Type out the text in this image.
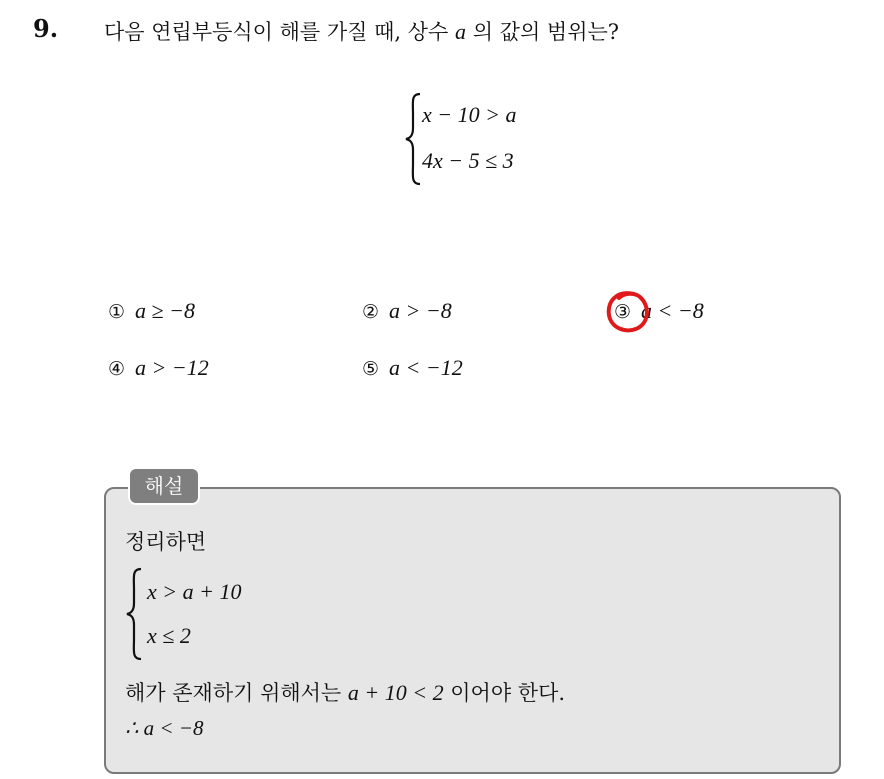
9. 다음 연립부등식이 해를 가질 때, 상수 a 의 값의 범위는?
x − 10 > a
4x − 5 ≤ 3
① a ≥ −8	② a > −8	③ a < −8
④ a > −12	⑤ a < −12
해설
정리하면
x > a + 10
x ≤ 2
해가 존재하기 위해서는 a + 10 < 2 이어야 한다.
∴ a < −8
